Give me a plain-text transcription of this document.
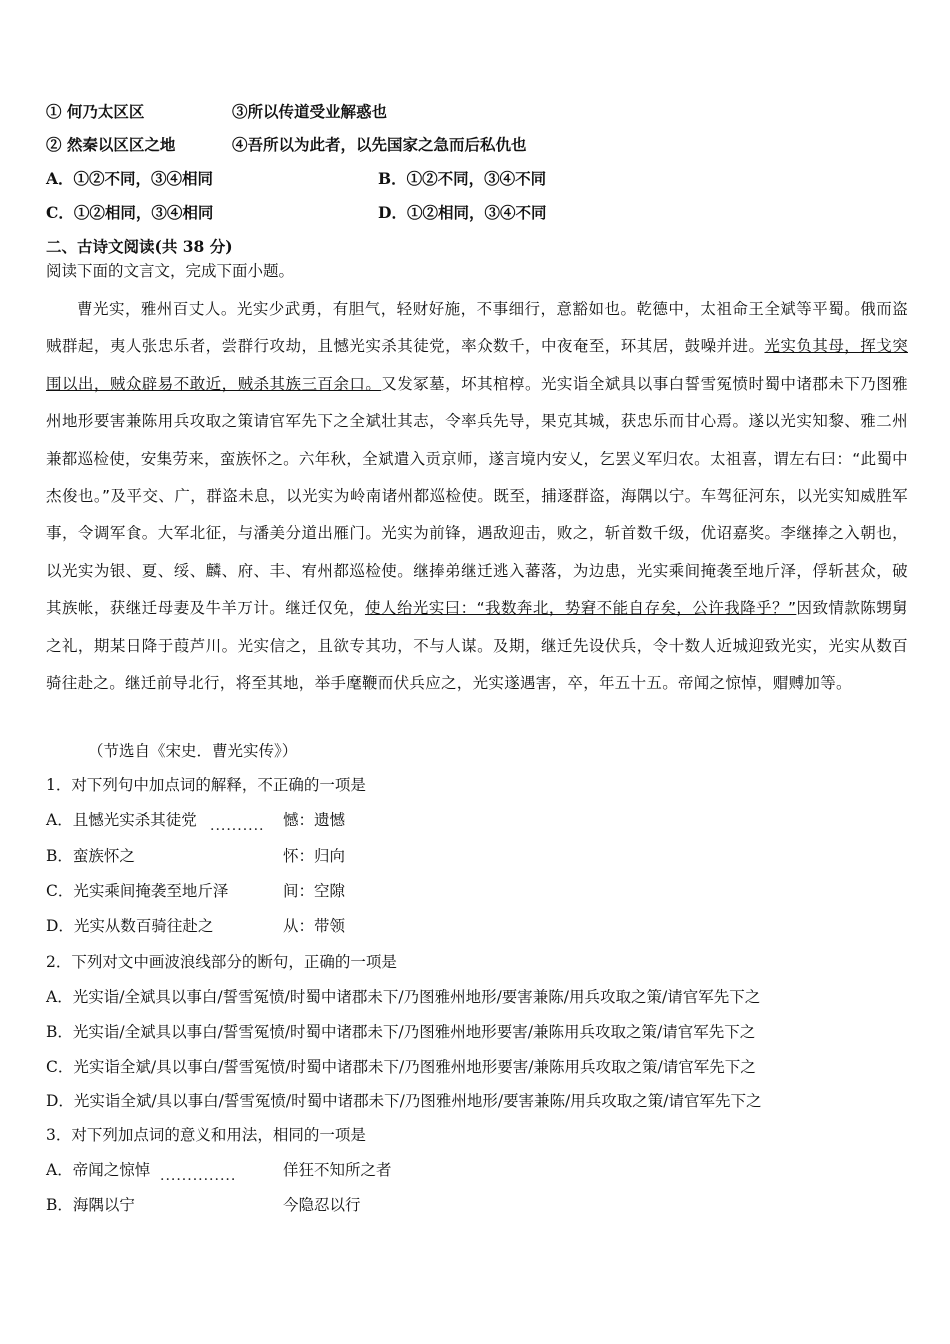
① 何乃太区区	③所以传道受业解惑也
② 然秦以区区之地	④吾所以为此者，以先国家之急而后私仇也
A．①②不同，③④相同	B．①②不同，③④不同
C．①②相同，③④相同	D．①②相同，③④不同
二、古诗文阅读(共 38 分)
阅读下面的文言文，完成下面小题。
曹光实，雅州百丈人。光实少武勇，有胆气，轻财好施，不事细行，意豁如也。乾德中，太祖命王全斌等平蜀。俄而盗贼群起，夷人张忠乐者，尝群行攻劫，且憾光实杀其徒党，率众数千，中夜奄至，环其居，鼓噪并进。光实负其母，挥戈突围以出，贼众辟易不敢近，贼杀其族三百余口。又发冢墓，坏其棺椁。光实诣全斌具以事白誓雪冤愤时蜀中诸郡未下乃图雅州地形要害兼陈用兵攻取之策请官军先下之全斌壮其志，令率兵先导，果克其城，获忠乐而甘心焉。遂以光实知黎、雅二州兼都巡检使，安集劳来，蛮族怀之。六年秋，全斌遣入贡京师，遂言境内安乂，乞罢义军归农。太祖喜，谓左右曰：“此蜀中杰俊也。”及平交、广，群盗未息，以光实为岭南诸州都巡检使。既至，捕逐群盗，海隅以宁。车驾征河东，以光实知威胜军事，令调军食。大军北征，与潘美分道出雁门。光实为前锋，遇敌迎击，败之，斩首数千级，优诏嘉奖。李继捧之入朝也，以光实为银、夏、绥、麟、府、丰、宥州都巡检使。继捧弟继迁逃入蕃落，为边患，光实乘间掩袭至地斤泽，俘斩甚众，破其族帐，获继迁母妻及牛羊万计。继迁仅免，使人绐光实曰：“我数奔北，势窘不能自存矣，公许我降乎？”因致情款陈甥舅之礼，期某日降于葭芦川。光实信之，且欲专其功，不与人谋。及期，继迁先设伏兵，令十数人近城迎致光实，光实从数百骑往赴之。继迁前导北行，将至其地，举手麾鞭而伏兵应之，光实遂遇害，卒，年五十五。帝闻之惊悼，赗赙加等。
（节选自《宋史．曹光实传》）
1．对下列句中加点词的解释，不正确的一项是
A．且憾光实杀其徒党 .......... 憾：遗憾
B．蛮族怀之	怀：归向
C．光实乘间掩袭至地斤泽	间：空隙
D．光实从数百骑往赴之	从：带领
2．下列对文中画波浪线部分的断句，正确的一项是
A．光实诣/全斌具以事白/誓雪冤愤/时蜀中诸郡未下/乃图雅州地形/要害兼陈/用兵攻取之策/请官军先下之
B．光实诣/全斌具以事白/誓雪冤愤/时蜀中诸郡未下/乃图雅州地形要害/兼陈用兵攻取之策/请官军先下之
C．光实诣全斌/具以事白/誓雪冤愤/时蜀中诸郡未下/乃图雅州地形要害/兼陈用兵攻取之策/请官军先下之
D．光实诣全斌/具以事白/誓雪冤愤/时蜀中诸郡未下/乃图雅州地形/要害兼陈/用兵攻取之策/请官军先下之
3．对下列加点词的意义和用法，相同的一项是
A．帝闻之惊悼 ..............	佯狂不知所之者
B．海隅以宁	今隐忍以行
